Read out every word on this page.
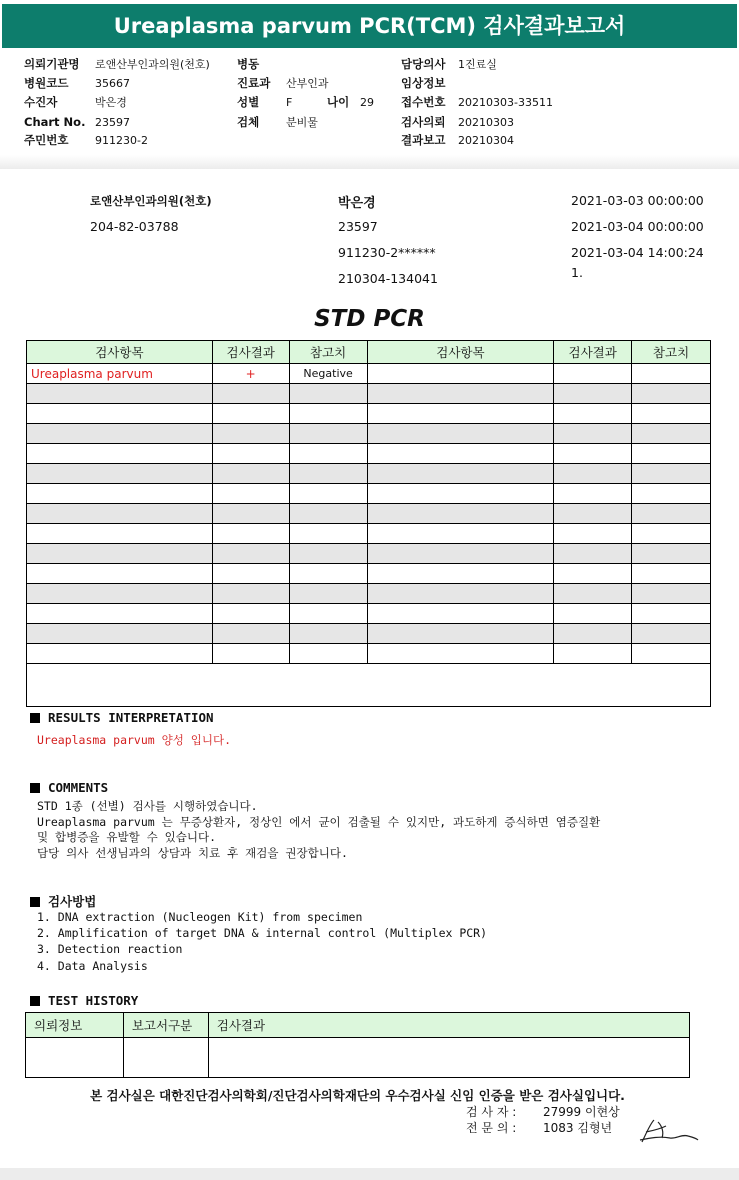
Ureaplasma parvum PCR(TCM) 검사결과보고서
의뢰기관명 로앤산부인과의원(천호)
병원코드 35667
수진자	박은경
Chart No. 23597
주민번호 911230-2
병동
진료과 산부인과
성별 F	나이 29
검체 분비물
담당의사 1진료실
임상정보
접수번호 20210303-33511
검사의뢰 20210303
결과보고 20210304
로앤산부인과의원(천호)
204-82-03788
박은경
23597
911230-2******
210304-134041
2021-03-03 00:00:00
2021-03-04 00:00:00
2021-03-04 14:00:24
1.
STD PCR
검사항목	검사결과	참고치	검사항목	검사결과	참고치
Ureaplasma parvum	+	Negative			

RESULTS INTERPRETATION
Ureaplasma parvum 양성 입니다.
COMMENTS
STD 1종 (선별) 검사를 시행하였습니다.
Ureaplasma parvum 는 무증상환자, 정상인 에서 균이 검출될 수 있지만, 과도하게 증식하면 염증질환
및 합병증을 유발할 수 있습니다.
담당 의사 선생님과의 상담과 치료 후 재검을 권장합니다.
검사방법
1. DNA extraction (Nucleogen Kit) from specimen
2. Amplification of target DNA & internal control (Multiplex PCR)
3. Detection reaction
4. Data Analysis
TEST HISTORY
의뢰정보	보고서구분	검사결과

본 검사실은 대한진단검사의학회/진단검사의학재단의 우수검사실 신임 인증을 받은 검사실입니다.
검 사 자 : 27999 이현상
전 문 의 : 1083 김형년
